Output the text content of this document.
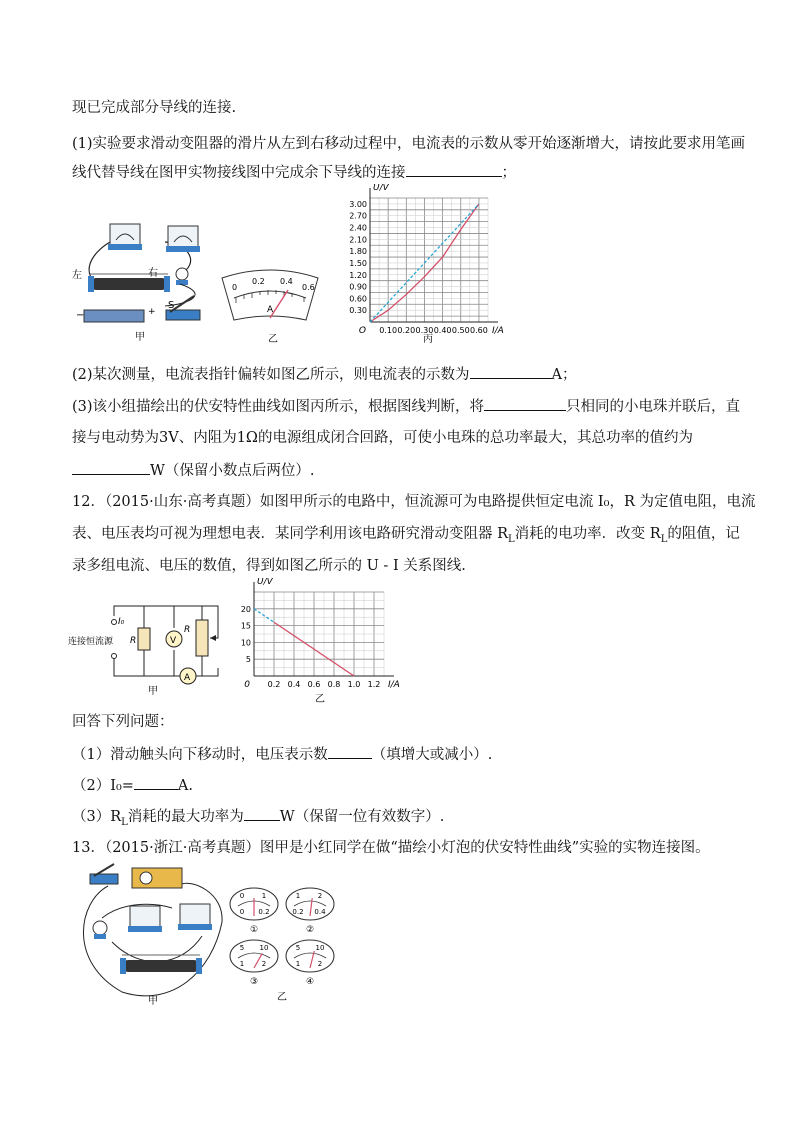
现已完成部分导线的连接.
(1)实验要求滑动变阻器的滑片从左到右移动过程中，电流表的示数从零开始逐渐增大，请按此要求用笔画
线代替导线在图甲实物接线图中完成余下导线的连接	；
左	右
−	+
S
甲
0
0.2 0.4
0.6
A
乙
0.10 0.20 0.30 0.40 0.50 0.60
0.30
0.60
0.90
1.20
1.50
1.80
2.10
2.40
2.70
3.00
O	I/A
U/V
丙
(2)某次测量，电流表指针偏转如图乙所示，则电流表的示数为	A；
(3)该小组描绘出的伏安特性曲线如图丙所示，根据图线判断，将	只相同的小电珠并联后，直
接与电动势为3V、内阻为1Ω的电源组成闭合回路，可使小电珠的总功率最大，其总功率的值约为
W（保留小数点后两位）.
12．（2015·山东·高考真题）如图甲所示的电路中，恒流源可为电路提供恒定电流 I₀，R 为定值电阻，电流
表、电压表均可视为理想电表．某同学利用该电路研究滑动变阻器 $R_L$消耗的电功率．改变 $R_L$的阻值，记
录多组电流、电压的数值，得到如图乙所示的 U - I 关系图线.
连接恒流源
I₀
R	V
R
A
甲
0.2 0.4 0.6 0.8 1.0 1.2
5
10
15
20
0	I/A
U/V
乙
回答下列问题：
（1）滑动触头向下移动时，电压表示数	（填增大或减小）.
（2）I₀=	A.
$(3)R_L$消耗的最大功率为 W（保留一位有效数字）.
13．（2015·浙江·高考真题）图甲是小红同学在做“描绘小灯泡的伏安特性曲线”实验的实物连接图。
甲
0	1
0 0.2
①
1	2
0.2 0.4
②
5 10
1	2
③
5 10
1	2
④
乙
